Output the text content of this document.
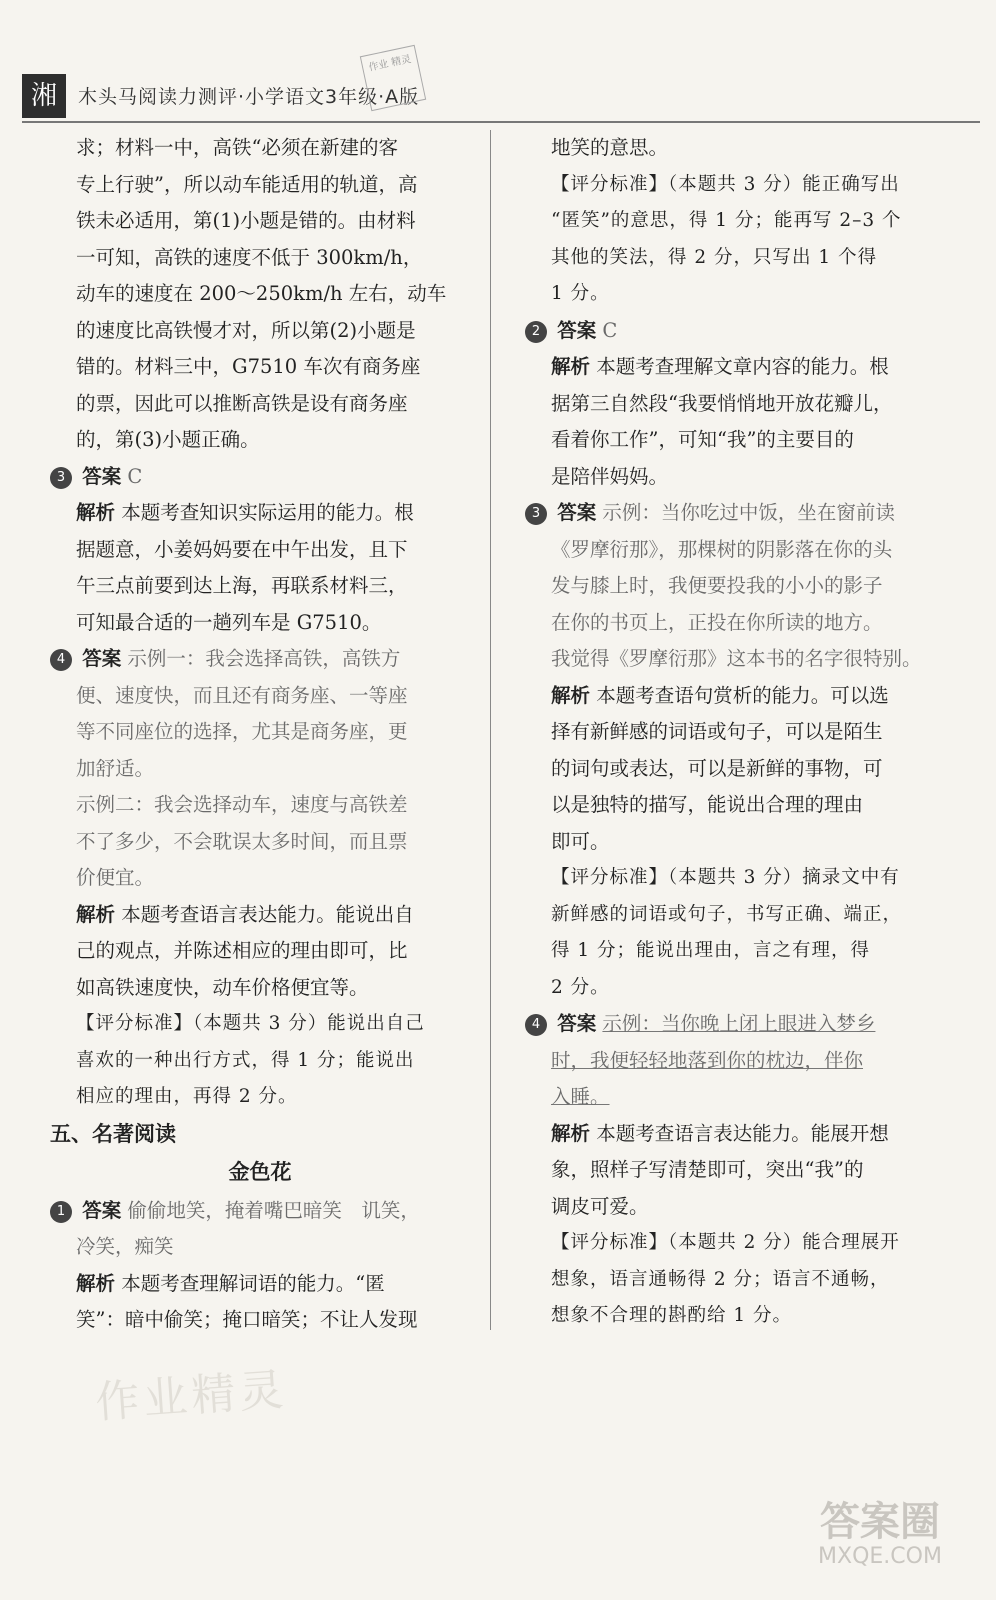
湘	木头马阅读力测评·小学语文3年级·A版
作业 精灵

求；材料一中，高铁“必须在新建的客

专上行驶”，所以动车能适用的轨道，高

铁未必适用，第(1)小题是错的。由材料

一可知，高铁的速度不低于 300km/h，

动车的速度在 200～250km/h 左右，动车

的速度比高铁慢才对，所以第(2)小题是

错的。材料三中，G7510 车次有商务座

的票，因此可以推断高铁是设有商务座

的，第(3)小题正确。

3 答案 C

解析 本题考查知识实际运用的能力。根

据题意，小姜妈妈要在中午出发，且下

午三点前要到达上海，再联系材料三，

可知最合适的一趟列车是 G7510。

4 答案 示例一：我会选择高铁，高铁方

便、速度快，而且还有商务座、一等座

等不同座位的选择，尤其是商务座，更

加舒适。

示例二：我会选择动车，速度与高铁差

不了多少，不会耽误太多时间，而且票

价便宜。

解析 本题考查语言表达能力。能说出自

己的观点，并陈述相应的理由即可，比

如高铁速度快，动车价格便宜等。

【评分标准】（本题共 3 分）能说出自己

喜欢的一种出行方式，得 1 分；能说出

相应的理由，再得 2 分。

五、名著阅读

金色花

1 答案 偷偷地笑，掩着嘴巴暗笑　讥笑，

冷笑，痴笑

解析 本题考查理解词语的能力。“匿

笑”：暗中偷笑；掩口暗笑；不让人发现

地笑的意思。

【评分标准】（本题共 3 分）能正确写出

“匿笑”的意思，得 1 分；能再写 2–3 个

其他的笑法，得 2 分，只写出 1 个得

1 分。

2 答案 C

解析 本题考查理解文章内容的能力。根

据第三自然段“我要悄悄地开放花瓣儿，

看着你工作”，可知“我”的主要目的

是陪伴妈妈。

3 答案 示例：当你吃过中饭，坐在窗前读

《罗摩衍那》，那棵树的阴影落在你的头

发与膝上时，我便要投我的小小的影子

在你的书页上，正投在你所读的地方。

我觉得《罗摩衍那》这本书的名字很特别。

解析 本题考查语句赏析的能力。可以选

择有新鲜感的词语或句子，可以是陌生

的词句或表达，可以是新鲜的事物，可

以是独特的描写，能说出合理的理由

即可。

【评分标准】（本题共 3 分）摘录文中有

新鲜感的词语或句子，书写正确、端正，

得 1 分；能说出理由，言之有理，得

2 分。

4 答案 示例：当你晚上闭上眼进入梦乡

时，我便轻轻地落到你的枕边，伴你

入睡。

解析 本题考查语言表达能力。能展开想

象，照样子写清楚即可，突出“我”的

调皮可爱。

【评分标准】（本题共 2 分）能合理展开

想象，语言通畅得 2 分；语言不通畅，

想象不合理的斟酌给 1 分。

作业精灵
答案圈
MXQE.COM
